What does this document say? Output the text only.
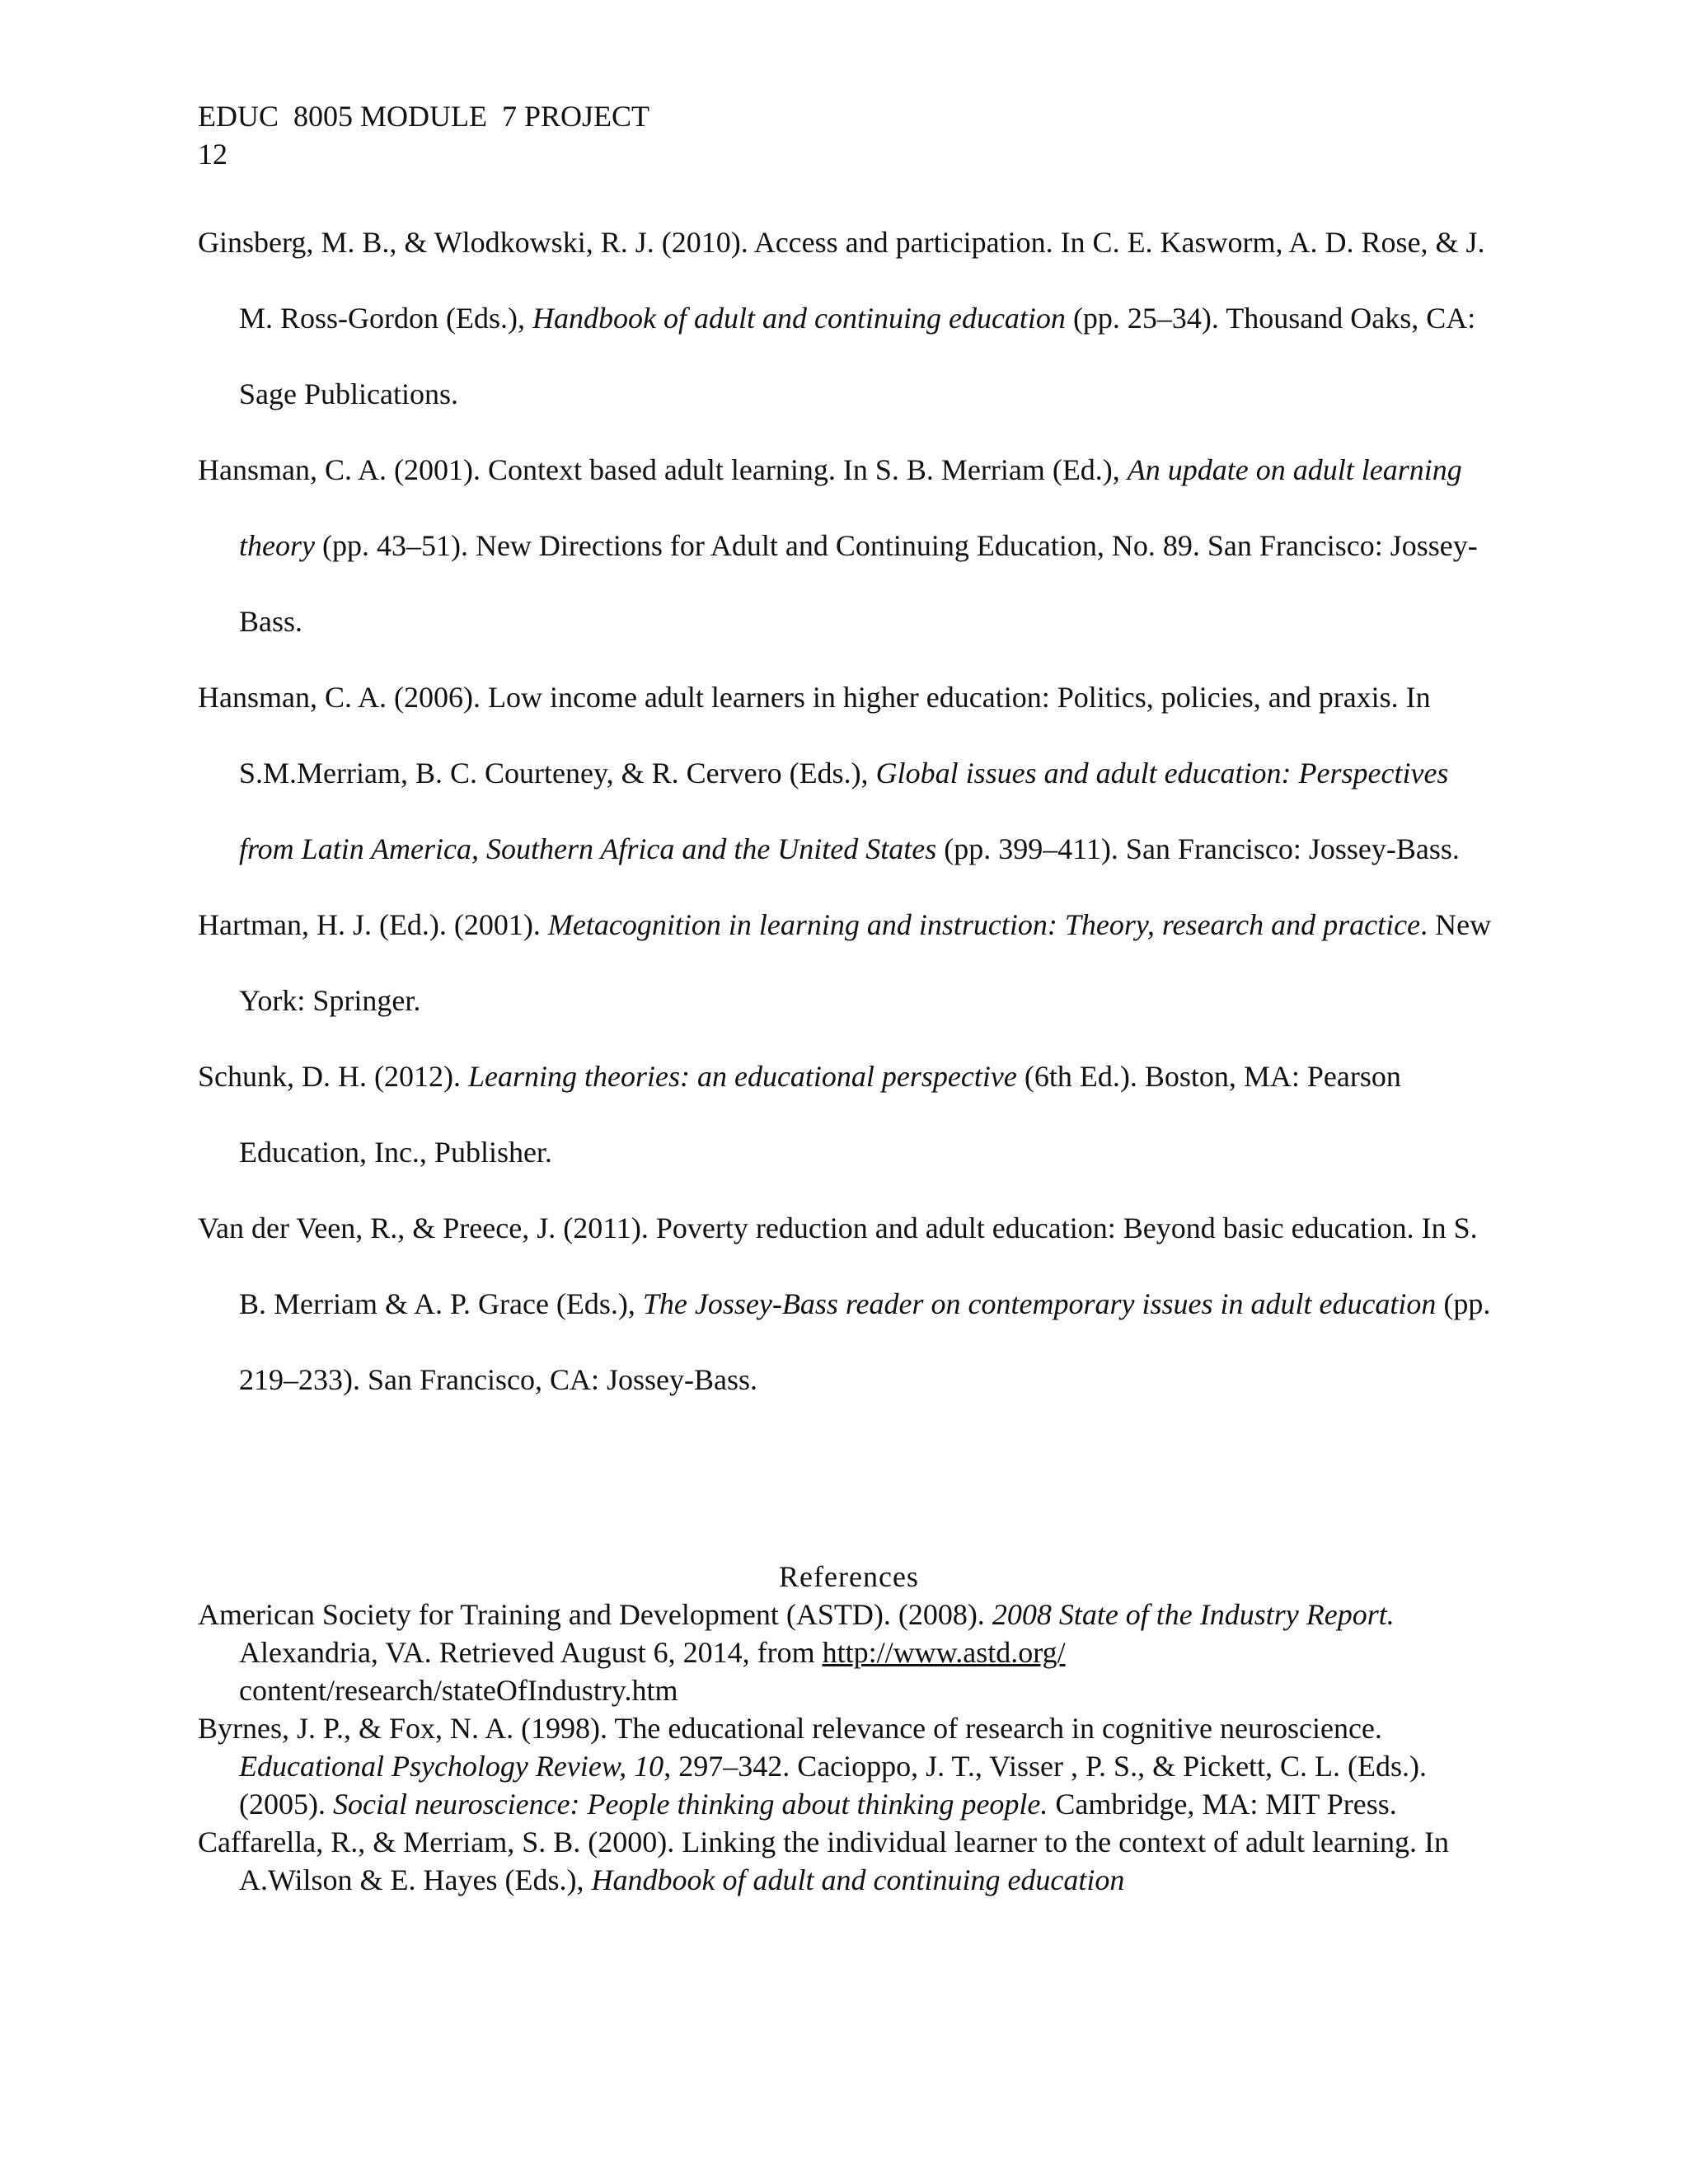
EDUC  8005 MODULE  7 PROJECT
12

Ginsberg, M. B., & Wlodkowski, R. J. (2010). Access and participation. In C. E. Kasworm, A. D. Rose, & J. M. Ross-Gordon (Eds.), Handbook of adult and continuing education (pp. 25–34). Thousand Oaks, CA: Sage Publications.

Hansman, C. A. (2001). Context based adult learning. In S. B. Merriam (Ed.), An update on adult learning theory (pp. 43–51). New Directions for Adult and Continuing Education, No. 89. San Francisco: Jossey-Bass.

Hansman, C. A. (2006). Low income adult learners in higher education: Politics, policies, and praxis. In S.M.Merriam, B. C. Courteney, & R. Cervero (Eds.), Global issues and adult education: Perspectives from Latin America, Southern Africa and the United States (pp. 399–411). San Francisco: Jossey-Bass.

Hartman, H. J. (Ed.). (2001). Metacognition in learning and instruction: Theory, research and practice. New York: Springer.

Schunk, D. H. (2012). Learning theories: an educational perspective (6th Ed.). Boston, MA: Pearson Education, Inc., Publisher.

Van der Veen, R., & Preece, J. (2011). Poverty reduction and adult education: Beyond basic education. In S. B. Merriam & A. P. Grace (Eds.), The Jossey-Bass reader on contemporary issues in adult education (pp. 219–233). San Francisco, CA: Jossey-Bass.

References

American Society for Training and Development (ASTD). (2008). 2008 State of the Industry Report. Alexandria, VA. Retrieved August 6, 2014, from http://www.astd.org/ content/research/stateOfIndustry.htm

Byrnes, J. P., & Fox, N. A. (1998). The educational relevance of research in cognitive neuroscience. Educational Psychology Review, 10, 297–342. Cacioppo, J. T., Visser , P. S., & Pickett, C. L. (Eds.). (2005). Social neuroscience: People thinking about thinking people. Cambridge, MA: MIT Press.

Caffarella, R., & Merriam, S. B. (2000). Linking the individual learner to the context of adult learning. In A.Wilson & E. Hayes (Eds.), Handbook of adult and continuing education
